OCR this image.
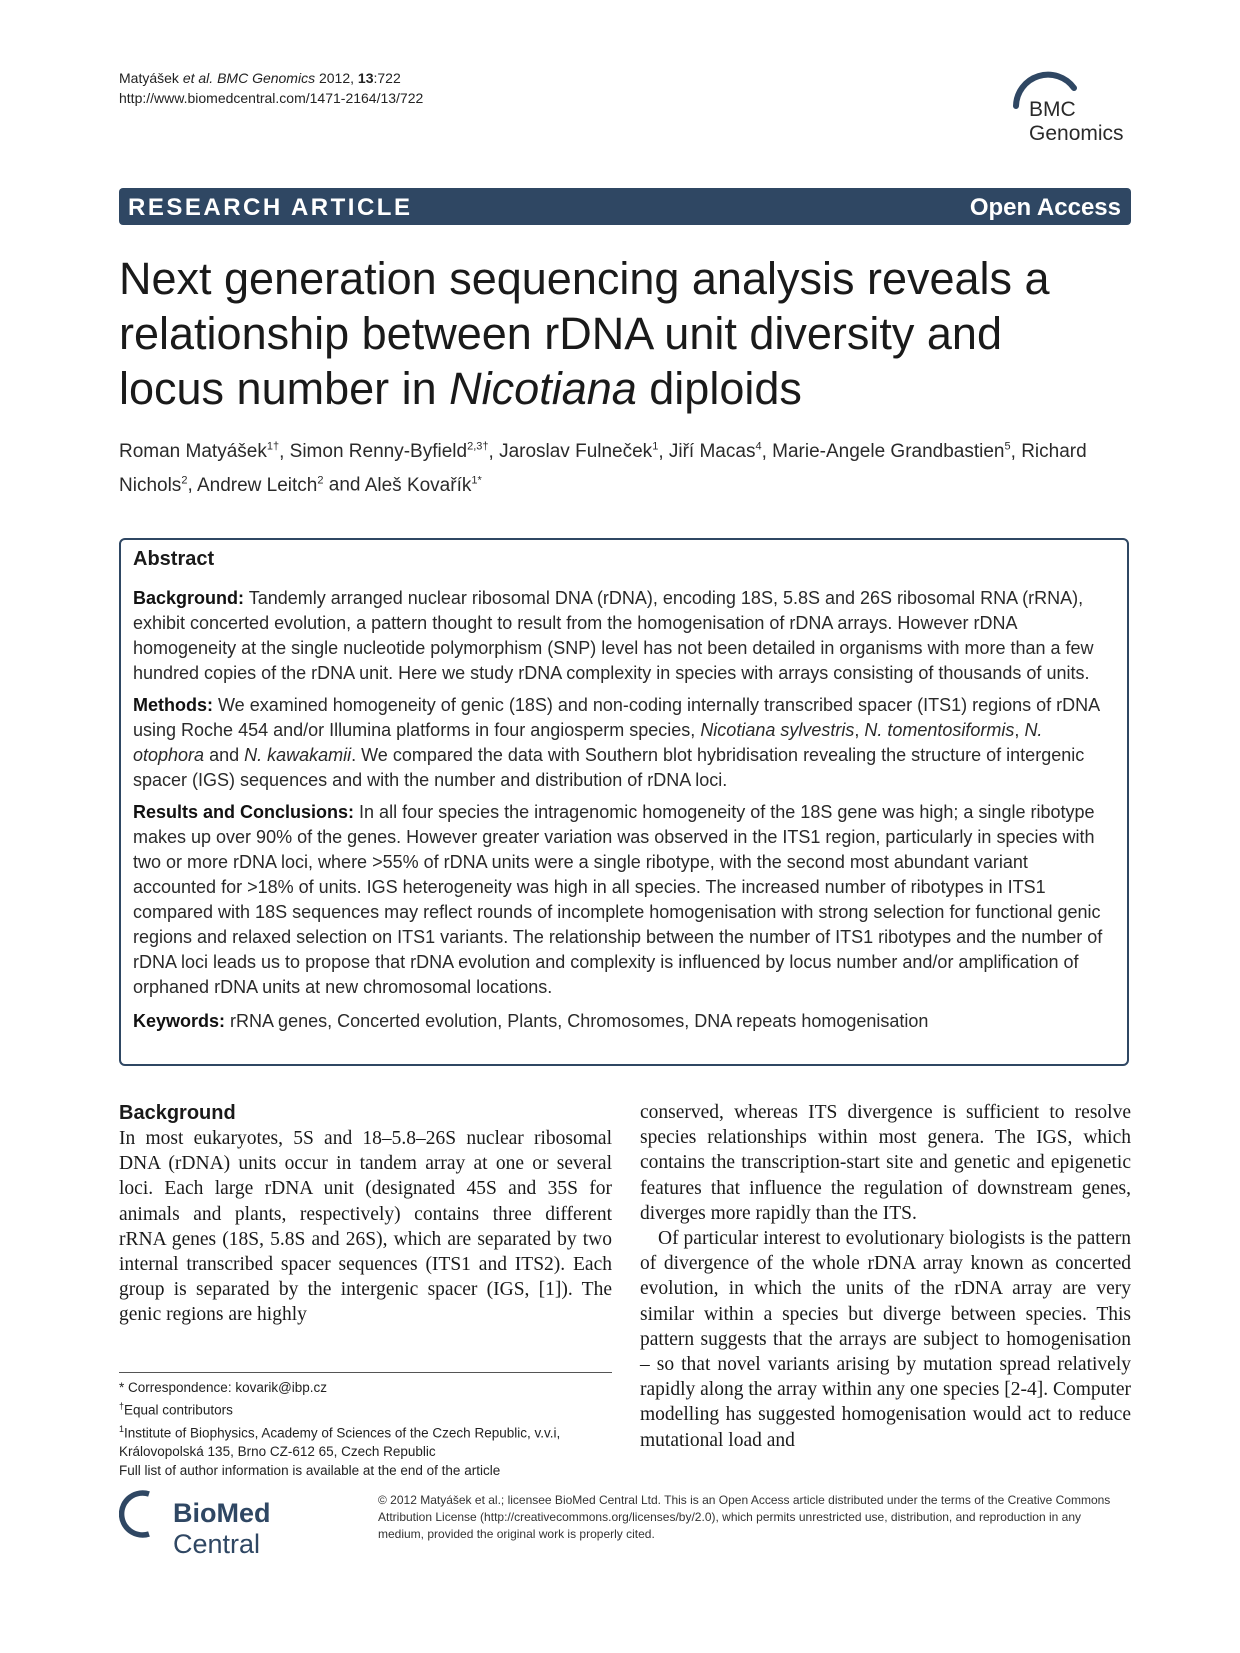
Matyášek et al. BMC Genomics 2012, 13:722
http://www.biomedcentral.com/1471-2164/13/722	BMC
Genomics
RESEARCH ARTICLE	Open Access
Next generation sequencing analysis reveals a relationship between rDNA unit diversity and locus number in Nicotiana diploids
Roman Matyášek$^{1\dagger}$, Simon Renny-Byfield$^{2,3\dagger}$, Jaroslav Fulneček$^1$, Jiří Macas$^4$, Marie-Angele Grandbastien$^5$, Richard Nichols$^2$, Andrew Leitch$^2$ and Aleš Kovařík$^{1*}$
Abstract

Background: Tandemly arranged nuclear ribosomal DNA (rDNA), encoding 18S, 5.8S and 26S ribosomal RNA (rRNA), exhibit concerted evolution, a pattern thought to result from the homogenisation of rDNA arrays. However rDNA homogeneity at the single nucleotide polymorphism (SNP) level has not been detailed in organisms with more than a few hundred copies of the rDNA unit. Here we study rDNA complexity in species with arrays consisting of thousands of units.

Methods: We examined homogeneity of genic (18S) and non-coding internally transcribed spacer (ITS1) regions of rDNA using Roche 454 and/or Illumina platforms in four angiosperm species, Nicotiana sylvestris, N. tomentosiformis, N. otophora and N. kawakamii. We compared the data with Southern blot hybridisation revealing the structure of intergenic spacer (IGS) sequences and with the number and distribution of rDNA loci.

Results and Conclusions: In all four species the intragenomic homogeneity of the 18S gene was high; a single ribotype makes up over 90% of the genes. However greater variation was observed in the ITS1 region, particularly in species with two or more rDNA loci, where >55% of rDNA units were a single ribotype, with the second most abundant variant accounted for >18% of units. IGS heterogeneity was high in all species. The increased number of ribotypes in ITS1 compared with 18S sequences may reflect rounds of incomplete homogenisation with strong selection for functional genic regions and relaxed selection on ITS1 variants. The relationship between the number of ITS1 ribotypes and the number of rDNA loci leads us to propose that rDNA evolution and complexity is influenced by locus number and/or amplification of orphaned rDNA units at new chromosomal locations.

Keywords: rRNA genes, Concerted evolution, Plants, Chromosomes, DNA repeats homogenisation

Background

In most eukaryotes, 5S and 18–5.8–26S nuclear ribosomal DNA (rDNA) units occur in tandem array at one or several loci. Each large rDNA unit (designated 45S and 35S for animals and plants, respectively) contains three different rRNA genes (18S, 5.8S and 26S), which are separated by two internal transcribed spacer sequences (ITS1 and ITS2). Each group is separated by the intergenic spacer (IGS, [1]). The genic regions are highly

conserved, whereas ITS divergence is sufficient to resolve species relationships within most genera. The IGS, which contains the transcription-start site and genetic and epigenetic features that influence the regulation of downstream genes, diverges more rapidly than the ITS.

Of particular interest to evolutionary biologists is the pattern of divergence of the whole rDNA array known as concerted evolution, in which the units of the rDNA array are very similar within a species but diverge between species. This pattern suggests that the arrays are subject to homogenisation – so that novel variants arising by mutation spread relatively rapidly along the array within any one species [2-4]. Computer modelling has suggested homogenisation would act to reduce mutational load and

* Correspondence: kovarik@ibp.cz
†Equal contributors
$^1$Institute of Biophysics, Academy of Sciences of the Czech Republic, v.v.i, Královopolská 135, Brno CZ-612 65, Czech Republic
Full list of author information is available at the end of the article
BioMed Central
© 2012 Matyášek et al.; licensee BioMed Central Ltd. This is an Open Access article distributed under the terms of the Creative Commons Attribution License (http://creativecommons.org/licenses/by/2.0), which permits unrestricted use, distribution, and reproduction in any medium, provided the original work is properly cited.
